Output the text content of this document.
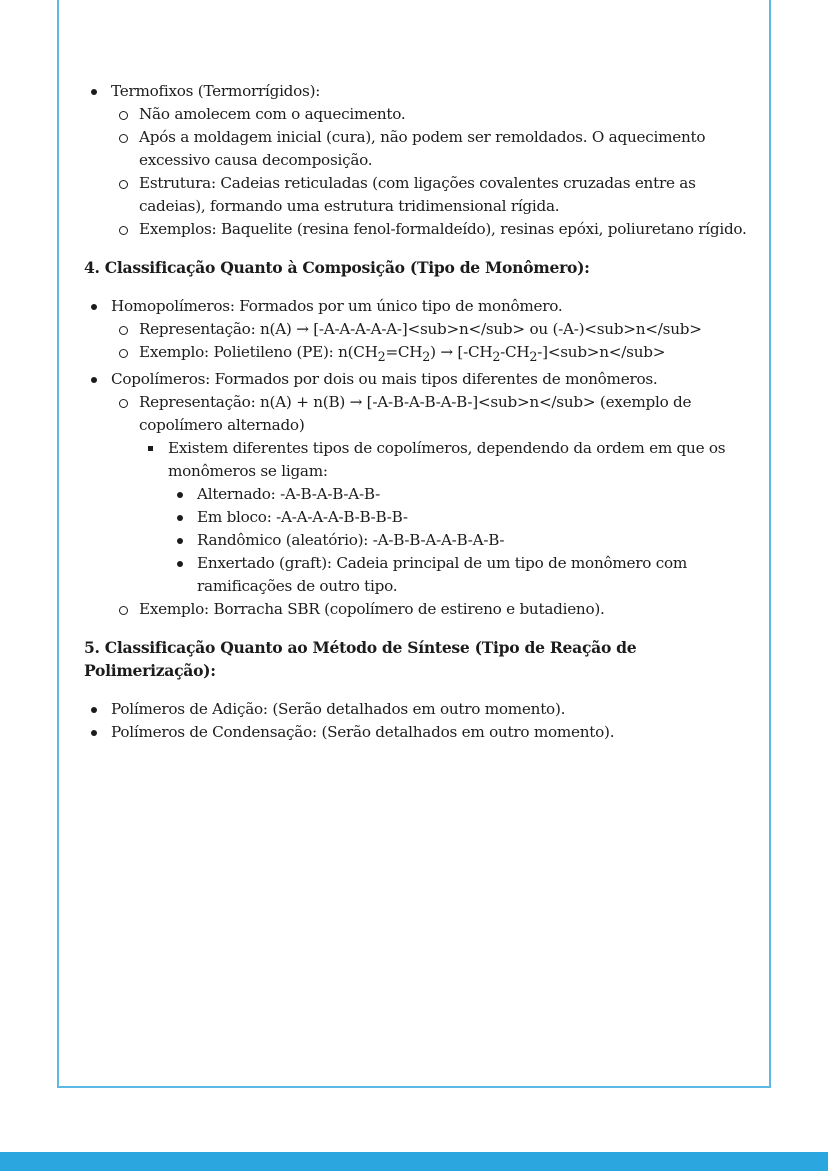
Termofixos (Termorrígidos):
Não amolecem com o aquecimento.
Após a moldagem inicial (cura), não podem ser remoldados. O aquecimento excessivo causa decomposição.
Estrutura: Cadeias reticuladas (com ligações covalentes cruzadas entre as cadeias), formando uma estrutura tridimensional rígida.
Exemplos: Baquelite (resina fenol-formaldeído), resinas epóxi, poliuretano rígido.
4. Classificação Quanto à Composição (Tipo de Monômero):
Homopolímeros: Formados por um único tipo de monômero.
Representação: n(A) → [-A-A-A-A-A-]<sub>n</sub> ou (-A-)<sub>n</sub>
Exemplo: Polietileno (PE): $n(CH_2=CH_2) \to [-CH_2-CH_2-]<sub>n</sub>$
Copolímeros: Formados por dois ou mais tipos diferentes de monômeros.
Representação: n(A) + n(B) → [-A-B-A-B-A-B-]<sub>n</sub> (exemplo de copolímero alternado)
Existem diferentes tipos de copolímeros, dependendo da ordem em que os monômeros se ligam:
Alternado: -A-B-A-B-A-B-
Em bloco: -A-A-A-A-B-B-B-B-
Randômico (aleatório): -A-B-B-A-A-B-A-B-
Enxertado (graft): Cadeia principal de um tipo de monômero com ramificações de outro tipo.
Exemplo: Borracha SBR (copolímero de estireno e butadieno).
5. Classificação Quanto ao Método de Síntese (Tipo de Reação de Polimerização):
Polímeros de Adição: (Serão detalhados em outro momento).
Polímeros de Condensação: (Serão detalhados em outro momento).
